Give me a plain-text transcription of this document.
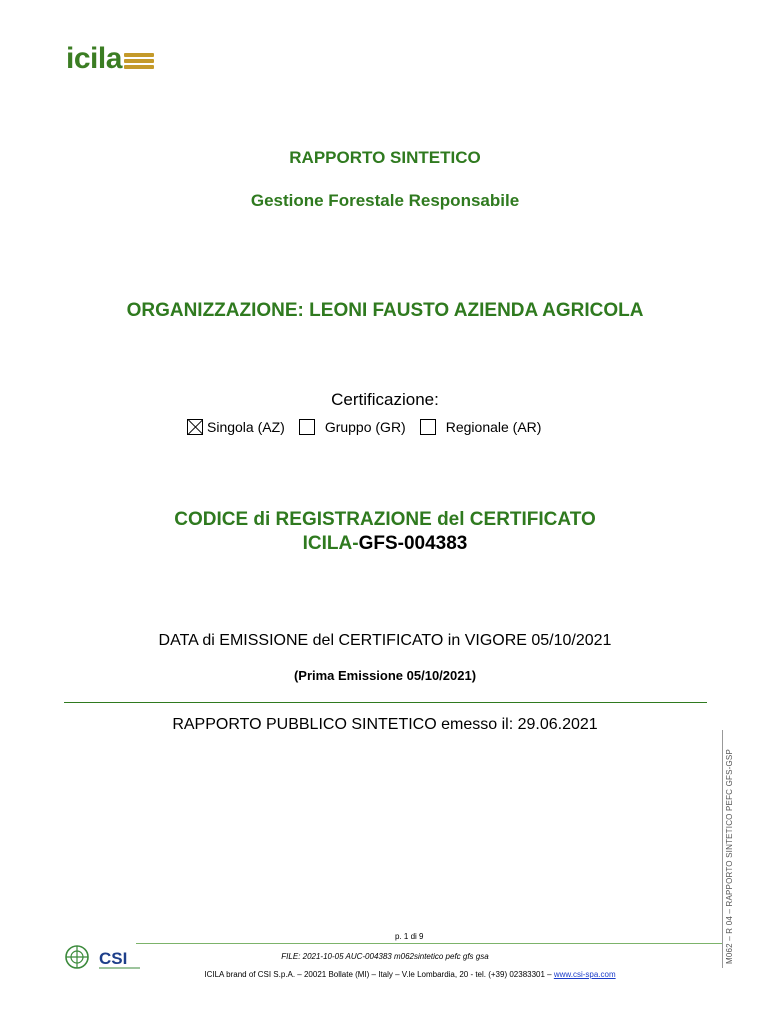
icila
RAPPORTO SINTETICO
Gestione Forestale Responsabile
ORGANIZZAZIONE: LEONI FAUSTO AZIENDA AGRICOLA
Certificazione:
Singola (AZ)	Gruppo (GR)	Regionale (AR)
CODICE di REGISTRAZIONE del CERTIFICATO
ICILA-GFS-004383
DATA di EMISSIONE del CERTIFICATO in VIGORE 05/10/2021
(Prima Emissione 05/10/2021)
RAPPORTO PUBBLICO SINTETICO emesso il: 29.06.2021
M062 – R 04 – RAPPORTO SINTETICO PEFC GFS-GSP
CSI
p. 1 di 9
FILE: 2021-10-05 AUC-004383 m062sintetico pefc gfs gsa
ICILA brand of CSI S.p.A. – 20021 Bollate (MI) – Italy – V.le Lombardia, 20 - tel. (+39) 02383301 – www.csi-spa.com
